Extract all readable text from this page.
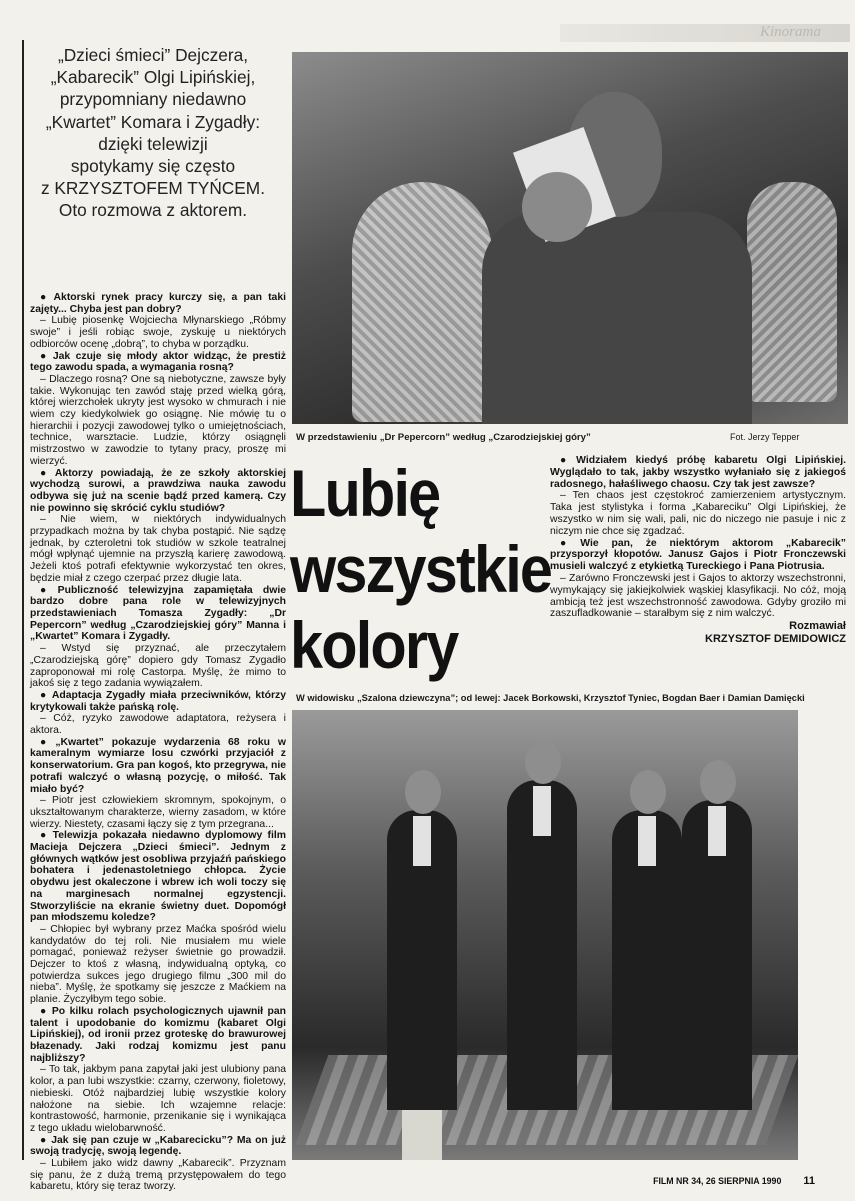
Kinorama

„Dzieci śmieci” Dejczera,

„Kabarecik” Olgi Lipińskiej,

przypomniany niedawno

„Kwartet” Komara i Zygadły:

dzięki telewizji

spotykamy się często

z KRZYSZTOFEM TYŃCEM.

Oto rozmowa z aktorem.

● Aktorski rynek pracy kurczy się, a pan taki zajęty... Chyba jest pan dobry?

– Lubię piosenkę Wojciecha Młynarskiego „Róbmy swoje” i jeśli robiąc swoje, zyskuję u niektórych odbiorców ocenę „dobrą”, to chyba w porządku.

● Jak czuje się młody aktor widząc, że prestiż tego zawodu spada, a wymagania rosną?

– Dlaczego rosną? One są niebotyczne, zawsze były takie. Wykonując ten zawód staję przed wielką górą, której wierzchołek ukryty jest wysoko w chmurach i nie wiem czy kiedykolwiek go osiągnę. Nie mówię tu o hierarchii i pozycji zawodowej tylko o umiejętnościach, technice, warsztacie. Ludzie, którzy osiągnęli mistrzostwo w zawodzie to tytany pracy, proszę mi wierzyć.

● Aktorzy powiadają, że ze szkoły aktorskiej wychodzą surowi, a prawdziwa nauka zawodu odbywa się już na scenie bądź przed kamerą. Czy nie powinno się skrócić cyklu studiów?

– Nie wiem, w niektórych indywidualnych przypadkach można by tak chyba postąpić. Nie sądzę jednak, by czteroletni tok studiów w szkole teatralnej mógł wpłynąć ujemnie na przyszłą karierę zawodową. Jeżeli ktoś potrafi efektywnie wykorzystać ten okres, będzie miał z czego czerpać przez długie lata.

● Publiczność telewizyjna zapamiętała dwie bardzo dobre pana role w telewizyjnych przedstawieniach Tomasza Zygadły: „Dr Pepercorn” według „Czarodziejskiej góry” Manna i „Kwartet” Komara i Zygadły.

– Wstyd się przyznać, ale przeczytałem „Czarodziejską górę” dopiero gdy Tomasz Zygadło zaproponował mi rolę Castorpa. Myślę, że mimo to jakoś się z tego zadania wywiązałem.

● Adaptacja Zygadły miała przeciwników, którzy krytykowali także pańską rolę.

– Cóż, ryzyko zawodowe adaptatora, reżysera i aktora.

● „Kwartet” pokazuje wydarzenia 68 roku w kameralnym wymiarze losu czwórki przyjaciół z konserwatorium. Gra pan kogoś, kto przegrywa, nie potrafi walczyć o własną pozycję, o miłość. Tak miało być?

– Piotr jest człowiekiem skromnym, spokojnym, o ukształtowanym charakterze, wierny zasadom, w które wierzy. Niestety, czasami łączy się z tym przegrana...

● Telewizja pokazała niedawno dyplomowy film Macieja Dejczera „Dzieci śmieci”. Jednym z głównych wątków jest osobliwa przyjaźń pańskiego bohatera i jedenastoletniego chłopca. Życie obydwu jest okaleczone i wbrew ich woli toczy się na marginesach normalnej egzystencji. Stworzyliście na ekranie świetny duet. Dopomógł pan młodszemu koledze?

– Chłopiec był wybrany przez Maćka spośród wielu kandydatów do tej roli. Nie musiałem mu wiele pomagać, ponieważ reżyser świetnie go prowadził. Dejczer to ktoś z własną, indywidualną optyką, co potwierdza sukces jego drugiego filmu „300 mil do nieba”. Myślę, że spotkamy się jeszcze z Maćkiem na planie. Życzyłbym tego sobie.

● Po kilku rolach psychologicznych ujawnił pan talent i upodobanie do komizmu (kabaret Olgi Lipińskiej), od ironii przez groteskę do brawurowej błazenady. Jaki rodzaj komizmu jest panu najbliższy?

– To tak, jakbym pana zapytał jaki jest ulubiony pana kolor, a pan lubi wszystkie: czarny, czerwony, fioletowy, niebieski. Otóż najbardziej lubię wszystkie kolory nałożone na siebie. Ich wzajemne relacje: kontrastowość, harmonie, przenikanie się i wynikająca z tego układu wielobarwność.

● Jak się pan czuje w „Kabarecicku”? Ma on już swoją tradycję, swoją legendę.

– Lubiłem jako widz dawny „Kabarecik”. Przyznam się panu, że z dużą tremą przystępowałem do tego kabaretu, który się teraz tworzy.

W przedstawieniu „Dr Pepercorn” według „Czarodziejskiej góry”	Fot. Jerzy Tepper
Lubię
wszystkie
kolory

● Widziałem kiedyś próbę kabaretu Olgi Lipińskiej. Wyglądało to tak, jakby wszystko wyłaniało się z jakiegoś radosnego, hałaśliwego chaosu. Czy tak jest zawsze?

– Ten chaos jest częstokroć zamierzeniem artystycznym. Taka jest stylistyka i forma „Kabareciku” Olgi Lipińskiej, że wszystko w nim się wali, pali, nic do niczego nie pasuje i nic z niczym nie chce się zgadzać.

● Wie pan, że niektórym aktorom „Kabarecik” przysporzył kłopotów. Janusz Gajos i Piotr Fronczewski musieli walczyć z etykietką Tureckiego i Pana Piotrusia.

– Zarówno Fronczewski jest i Gajos to aktorzy wszechstronni, wymykający się jakiejkolwiek wąskiej klasyfikacji. No cóż, moją ambicją też jest wszechstronność zawodowa. Gdyby groziło mi zaszufladkowanie – starałbym się z nim walczyć.

Rozmawiał

KRZYSZTOF DEMIDOWICZ

W widowisku „Szalona dziewczyna”; od lewej: Jacek Borkowski, Krzysztof Tyniec, Bogdan Baer i Damian Damięcki
FILM NR 34, 26 SIERPNIA 1990 11
